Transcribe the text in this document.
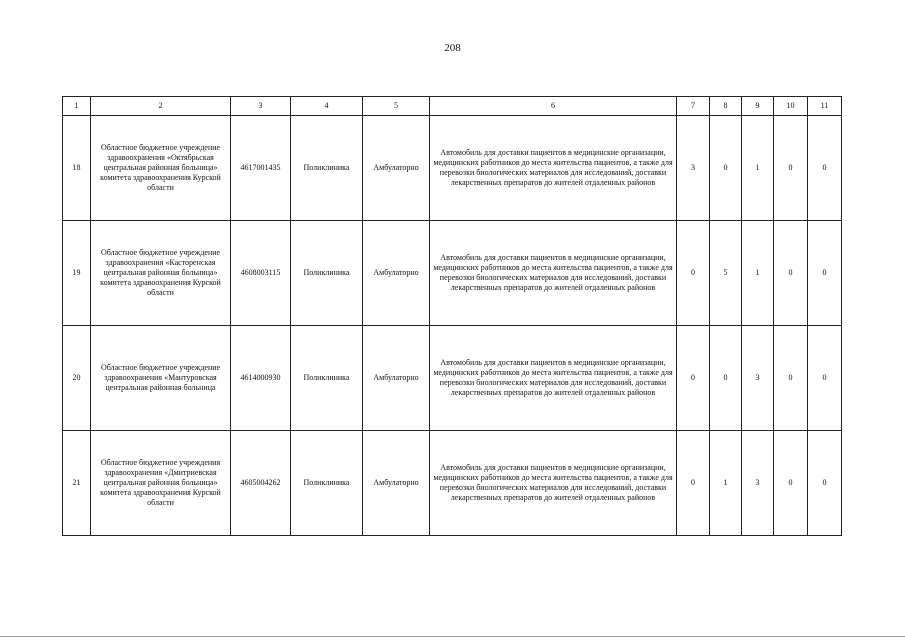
208
1	2	3	4	5	6	7	8	9	10	11
18	Областное бюджетное учреждение здравоохранения «Октябрьская центральная районная больница» комитета здравоохранения Курской области	4617001435	Поликлиника	Амбулаторно	Автомобиль для доставки пациентов в медицинские организации, медицинских работников до места жительства пациентов, а также для перевозки биологических материалов для исследований, доставки лекарственных препаратов до жителей отдаленных районов	3	0	1	0	0
19	Областное бюджетное учреждение здравоохранения «Касторенская центральная районная больница» комитета здравоохранения Курской области	4608003115	Поликлиника	Амбулаторно	Автомобиль для доставки пациентов в медицинские организации, медицинских работников до места жительства пациентов, а также для перевозки биологических материалов для исследований, доставки лекарственных препаратов до жителей отдаленных районов	0	5	1	0	0
20	Областное бюджетное учреждение здравоохранения «Мантуровская центральная районная больница	4614000930	Поликлиника	Амбулаторно	Автомобиль для доставки пациентов в медицинские организации, медицинских работников до места жительства пациентов, а также для перевозки биологических материалов для исследований, доставки лекарственных препаратов до жителей отдаленных районов	0	0	3	0	0
21	Областное бюджетное учреждения здравоохранения «Дмитриевская центральная районная больница» комитета здравоохранения Курской области	4605004262	Поликлиника	Амбулаторно	Автомобиль для доставки пациентов в медицинские организации, медицинских работников до места жительства пациентов, а также для перевозки биологических материалов для исследований, доставки лекарственных препаратов до жителей отдаленных районов	0	1	3	0	0
